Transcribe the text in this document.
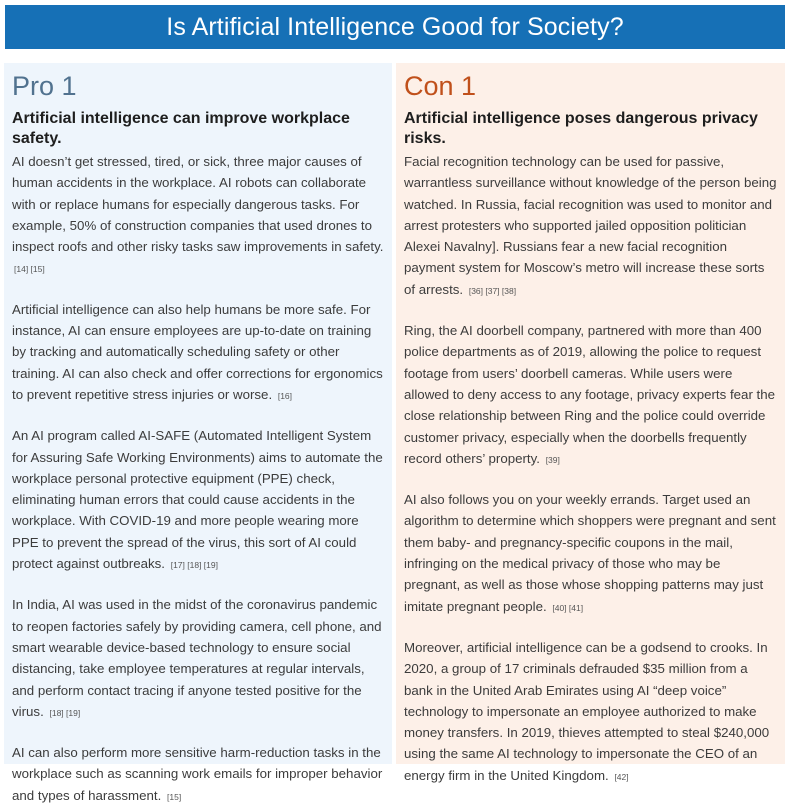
Is Artificial Intelligence Good for Society?
Pro 1
Artificial intelligence can improve workplace safety.

AI doesn’t get stressed, tired, or sick, three major causes of human accidents in the workplace. AI robots can collaborate with or replace humans for especially dangerous tasks. For example, 50% of construction companies that used drones to inspect roofs and other risky tasks saw improvements in safety. [14] [15]

Artificial intelligence can also help humans be more safe. For instance, AI can ensure employees are up-to-date on training by tracking and automatically scheduling safety or other training. AI can also check and offer corrections for ergonomics to prevent repetitive stress injuries or worse. [16]

An AI program called AI-SAFE (Automated Intelligent System for Assuring Safe Working Environments) aims to automate the workplace personal protective equipment (PPE) check, eliminating human errors that could cause accidents in the workplace. With COVID-19 and more people wearing more PPE to prevent the spread of the virus, this sort of AI could protect against outbreaks. [17] [18] [19]

In India, AI was used in the midst of the coronavirus pandemic to reopen factories safely by providing camera, cell phone, and smart wearable device-based technology to ensure social distancing, take employee temperatures at regular intervals, and perform contact tracing if anyone tested positive for the virus. [18] [19]

AI can also perform more sensitive harm-reduction tasks in the workplace such as scanning work emails for improper behavior and types of harassment. [15]

Con 1
Artificial intelligence poses dangerous privacy risks.

Facial recognition technology can be used for passive, warrantless surveillance without knowledge of the person being watched. In Russia, facial recognition was used to monitor and arrest protesters who supported jailed opposition politician Alexei Navalny]. Russians fear a new facial recognition payment system for Moscow’s metro will increase these sorts of arrests. [36] [37] [38]

Ring, the AI doorbell company, partnered with more than 400 police departments as of 2019, allowing the police to request footage from users’ doorbell cameras. While users were allowed to deny access to any footage, privacy experts fear the close relationship between Ring and the police could override customer privacy, especially when the doorbells frequently record others’ property. [39]

AI also follows you on your weekly errands. Target used an algorithm to determine which shoppers were pregnant and sent them baby- and pregnancy-specific coupons in the mail, infringing on the medical privacy of those who may be pregnant, as well as those whose shopping patterns may just imitate pregnant people. [40] [41]

Moreover, artificial intelligence can be a godsend to crooks. In 2020, a group of 17 criminals defrauded $35 million from a bank in the United Arab Emirates using AI “deep voice” technology to impersonate an employee authorized to make money transfers. In 2019, thieves attempted to steal $240,000 using the same AI technology to impersonate the CEO of an energy firm in the United Kingdom. [42]
